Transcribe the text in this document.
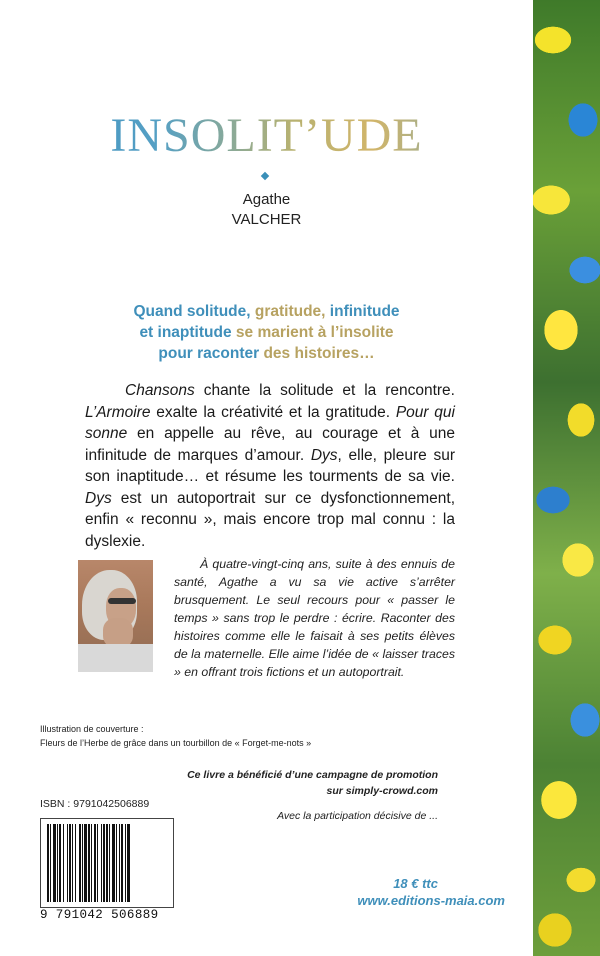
INSOLIT’UDE
Agathe
VALCHER
Quand solitude, gratitude, infinitude
et inaptitude se marient à l’insolite
pour raconter des histoires…

Chansons chante la solitude et la rencontre. L’Armoire exalte la créativité et la gratitude. Pour qui sonne en appelle au rêve, au courage et à une infinitude de marques d’amour. Dys, elle, pleure sur son inaptitude… et résume les tourments de sa vie. Dys est un autoportrait sur ce dysfonctionnement, enfin « reconnu », mais encore trop mal connu : la dyslexie.

À quatre-vingt-cinq ans, suite à des ennuis de santé, Agathe a vu sa vie active s’arrêter brusquement. Le seul recours pour « passer le temps » sans trop le perdre : écrire. Raconter des histoires comme elle le faisait à ses petits élèves de la maternelle. Elle aime l’idée de « laisser traces » en offrant trois fictions et un autoportrait.

Illustration de couverture :
Fleurs de l’Herbe de grâce dans un tourbillon de « Forget-me-nots »
Ce livre a bénéficié d’une campagne de promotion
sur simply-crowd.com
Avec la participation décisive de ...
ISBN : 9791042506889
9 791042 506889
18 € ttc
www.editions-maia.com
